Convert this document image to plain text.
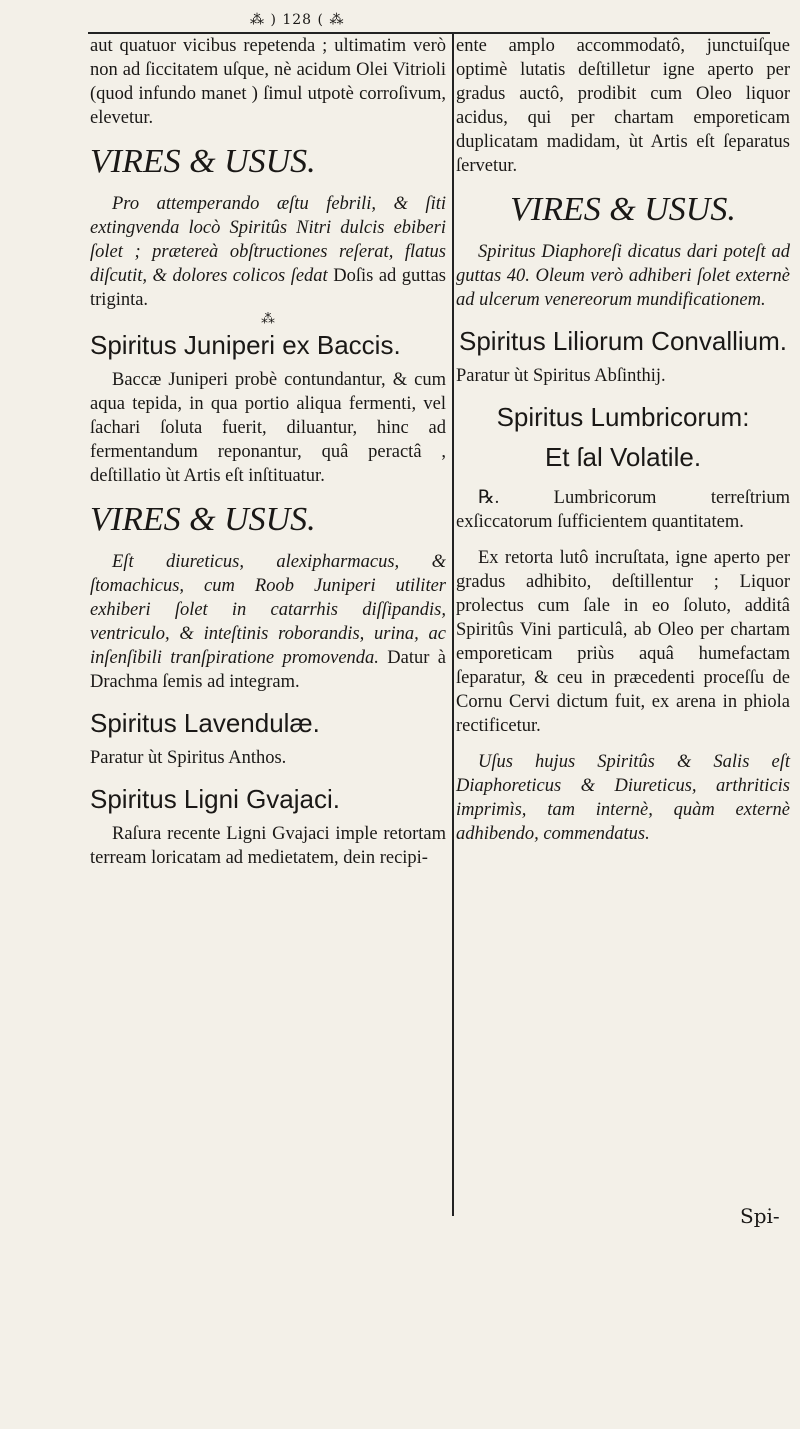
⁂ ) 128 ( ⁂
aut quatuor vicibus repetenda ; ultimatim verò non ad ſiccitatem uſque, nè acidum Olei Vitrioli (quod infundo manet ) ſimul utpotè corroſivum, elevetur.
VIRES & USUS.
Pro attemperando æſtu febrili, & ſiti extingvenda locò Spiritûs Nitri dulcis ebiberi ſolet ; prætereà obſtructiones reſerat, flatus diſcutit, & dolores colicos ſedat Doſis ad guttas triginta.
⁂
Spiritus Juniperi ex Baccis.
Baccæ Juniperi probè contundantur, & cum aqua tepida, in qua portio aliqua fermenti, vel ſachari ſoluta fuerit, diluantur, hinc ad fermentandum reponantur, quâ peractâ , deſtillatio ùt Artis eſt inſtituatur.
VIRES & USUS.
Eſt diureticus, alexipharmacus, & ſtomachicus, cum Roob Juniperi utiliter exhiberi ſolet in catarrhis diſſipandis, ventriculo, & inteſtinis roborandis, urina, ac inſenſibili tranſpiratione promovenda. Datur à Drachma ſemis ad integram.
Spiritus Lavendulæ.
Paratur ùt Spiritus Anthos.
Spiritus Ligni Gvajaci.
Raſura recente Ligni Gvajaci imple retortam terream loricatam ad medietatem, dein recipi-
ente amplo accommodatô, junctuiſque optimè lutatis deſtilletur igne aperto per gradus auctô, prodibit cum Oleo liquor acidus, qui per chartam emporeticam duplicatam madidam, ùt Artis eſt ſeparatus ſervetur.
VIRES & USUS.
Spiritus Diaphoreſi dicatus dari poteſt ad guttas 40. Oleum verò adhiberi ſolet externè ad ulcerum venereorum mundificationem.
Spiritus Liliorum Convallium.
Paratur ùt Spiritus Abſinthij.
Spiritus Lumbricorum:
Et ſal Volatile.
℞. Lumbricorum terreſtrium exſiccatorum ſufficientem quantitatem.
Ex retorta lutô incruſtata, igne aperto per gradus adhibito, deſtillentur ; Liquor prolectus cum ſale in eo ſoluto, additâ Spiritûs Vini particulâ, ab Oleo per chartam emporeticam priùs aquâ humefactam ſeparatur, & ceu in præcedenti proceſſu de Cornu Cervi dictum fuit, ex arena in phiola rectificetur.
Uſus hujus Spiritûs & Salis eſt Diaphoreticus & Diureticus, arthriticis imprimìs, tam internè, quàm externè adhibendo, commendatus.
Spi-
